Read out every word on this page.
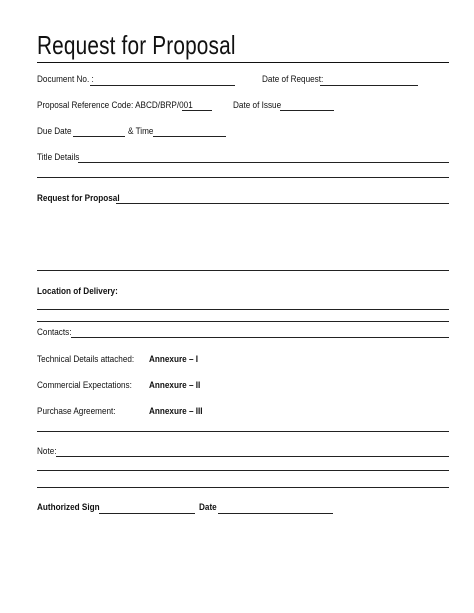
Request for Proposal
Document No. :	Date of Request:
Proposal Reference Code: ABCD/BRP/001	Date of Issue
Due Date	& Time
Title Details
Request for Proposal
Location of Delivery:
Contacts:
Technical Details attached: Annexure – I
Commercial Expectations: Annexure – II
Purchase Agreement:	Annexure – III
Note:
Authorized Sign	Date
